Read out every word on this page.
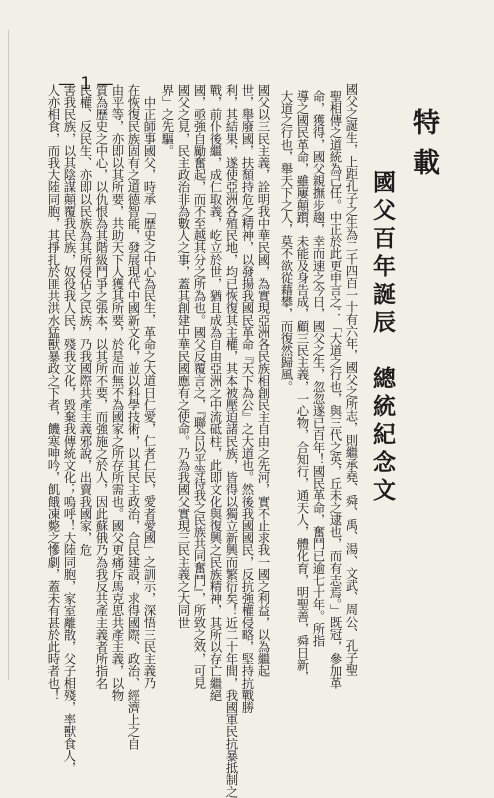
特 載
國父百年誕辰　總統紀念文
國父之誕生，上距孔子之生為二千四百一十有六年，國父之所志，則繼承堯、舜、禹、湯、文武、周公、孔子聖
聖相傳之道統為己任。中正於此更申言之：「大道之行也，與三代之英，丘未之逮也，而有志焉。」既冠，參加革
命，獲得，國父親撫步趨，幸而速之今日，國父之生，忽忽遂已百年！國民革命，奮鬥已逾七十年。所指
導之國民革命，雖屢顛躓，未能及身告成，顧三民主義，一心物，合知行，通天人，體化育，明聖善，舜日新，
大道之行也，舉天下之人，莫不欲從藉攀，而復然歸風。
國父以三民主義，詮明我中華民國，為實現亞洲各民族相創民主自由之先河，實不止求我一國之利益，以為繼起
世，舉廢國，扶頹持危之精神，以發揚我國民革命『天下為公』之大道也。然後我國國民，反抗強權侵略，堅持抗戰勝
利，其結果，遂使亞洲各殖民地，均已恢復其主權，其本被壓迫諸民族，皆得以獨立新興而繁衍矣！近二十年間，我國軍民抗暴抵制之
戰，前仆後繼，成仁取義，屹立於世，猶且成為自由亞洲之中流砥柱，此即文化與復興之民族精神，其所以存亡繼絕
國，亟強自勵奮起，而不至越其分之所為也。國父反覆言之，『聯合以平等待我之民族共同奮鬥』，所致之效，可見
國父之見，民主政治非為數人之事，蓋其創建中華民國應有之使命。乃為我國父實現三民主義之大同世
界」之先驅。
中正師事國父，時承「歷史之中心為民生，革命之大道日仁愛，仁者仁民，愛者愛國」之訓示，深悟三民主義乃
在恢復民族固有之道德智能，發展現代中國新文化，並以科學技術，以其民主政治，合民建設，求得國際、政治、經濟上之自
由平等，亦即以其所要，共助天下人獲其所要，於是而無不為國家之所存所需也。國父更痛斥馬克思共產主義，以物
質為歷史之中心，以仇恨為其階級鬥爭之張本，以其所不要，而強施之於人，因此蘇俄乃為我反共產主義者所指名
民權、反民生、亦即以民族為其所侵佔之民族，乃我國際共產主義邪說，出賣我國家，危
害我民族，以其陰謀顛覆我民族，奴役我人民，殘我文化，毀棄我傳統文化；嗚呼！大陸同胞，家室離散，父子相殘，率獸食人，
人亦相食，而我大陸同胞，其掙扎於匪共洪水猛獸暴政之下者，饑寒呻吟，飢餓凍斃之慘劇，蓋未有甚於此時者也！
— 1 —
